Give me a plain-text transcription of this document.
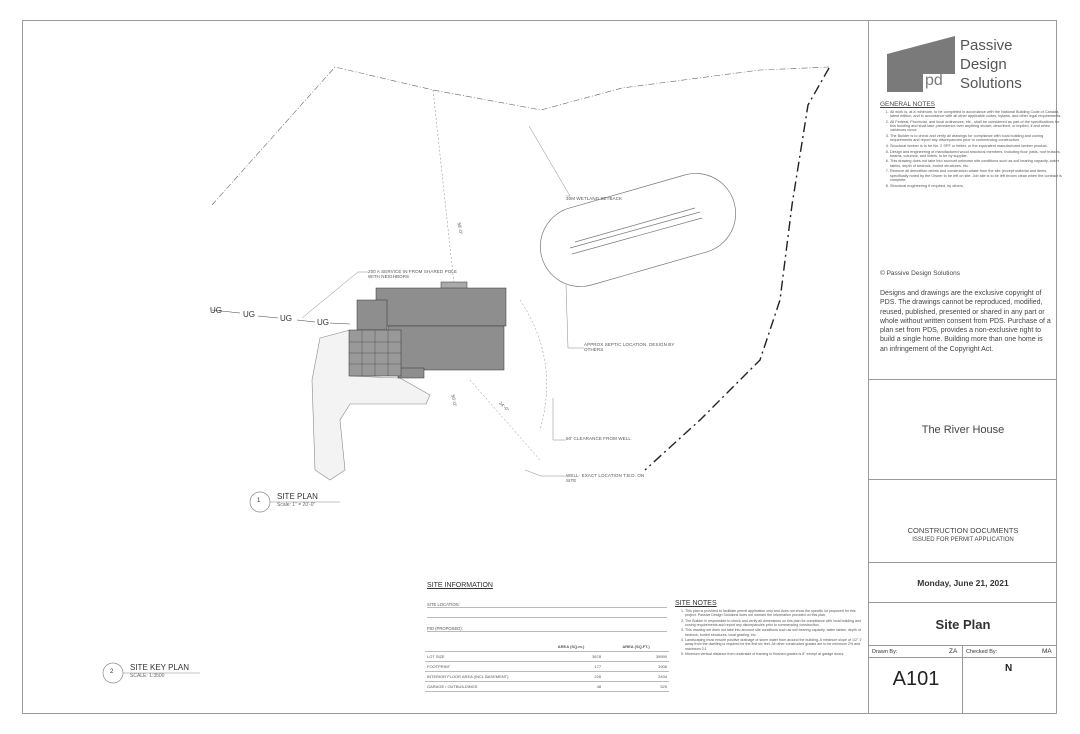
30M WETLAND SETBACK
200 A SERVICE IN FROM SHARED POLE WITH NEIGHBORS
APPROX SEPTIC LOCATION. DESIGN BY OTHERS
50' CLEARANCE FROM WELL
WELL- EXACT LOCATION T.B.D. ON SITE
58'-0"
50'-0"	34'-0"
UG	UG	UG	UG
1 SITE PLAN
Scale: 1" = 20'-0"
2 SITE KEY PLAN
SCALE: 1:3500
SITE INFORMATION
SITE LOCATION:
PID (PROPOSED):
	AREA (SQ.m.)	AREA (SQ.FT.)
LOT SIZE	3678	39590
FOOTPRINT	177	1906
INTERIOR FLOOR AREA (INCL BASEMENT)	226	2434
GARAGE / OUTBUILDINGS	48	525
SITE NOTES
1. This plan is provided to facilitate permit application only and does not show the specific lot proposed for this project. Passive Design Solutions does not warrant the information provided on this plan.
2. The Builder is responsible to check and verify all dimensions on this plan for compliance with local building and zoning requirements and report any discrepancies prior to commencing construction.
3. This drawing set does not take into account site conditions such as soil bearing capacity, water tables, depth of bedrock, buried structures, local grading, etc.
4. Landscaping must ensure positive drainage of storm water from around the building. A minimum slope of 1/2" 1' away from the dwelling is required for the first six feet. All other constructed grades are to be minimum 2% and maximum 3:1
5. Minimum vertical distance from underside of framing to finished grades is 8" except at garage doors.
pd
Passive
Design
Solutions
GENERAL NOTES
1. All work is, at a minimum, to be completed in accordance with the National Building Code of Canada, latest edition, and in accordance with all other applicable codes, bylaws, and other legal requirements.
2. All Federal, Provincial, and local ordinances, etc., shall be considered as part of the specifications for this building and shall take precedence over anything shown, described, or implied, if and when variances occur.
3. The Builder is to check and verify all drawings for compliance with local building and zoning requirements and report any discrepancies prior to commencing construction.
4. Structural lumber is to be No. 2 SPF or better, or the equivalent manufactured lumber product.
5. Design and engineering of manufactured wood structural members, including floor joists, roof trusses, beams, columns, and lintels, to be by supplier.
6. This drawing does not take into account unknown site conditions such as soil bearing capacity, water tables, depth of bedrock, buried structures, etc.
7. Remove all demolition debris and construction waste from the site (except material and items specifically noted by the Owner to be left on site. Job site is to be left broom clean when the contract is complete.
8. Structural engineering if required, by others.
© Passive Design Solutions
Designs and drawings are the exclusive copyright of PDS. The drawings cannot be reproduced, modified, reused, published, presented or shared in any part or whole without written consent from PDS. Purchase of a plan set from PDS, provides a non-exclusive right to build a single home. Building more than one home is an infringement of the Copyright Act.
The River House
CONSTRUCTION DOCUMENTS
ISSUED FOR PERMIT APPLICATION
Monday, June 21, 2021
Site Plan
Drawn By:	ZA Checked By:	MA
A101	N
